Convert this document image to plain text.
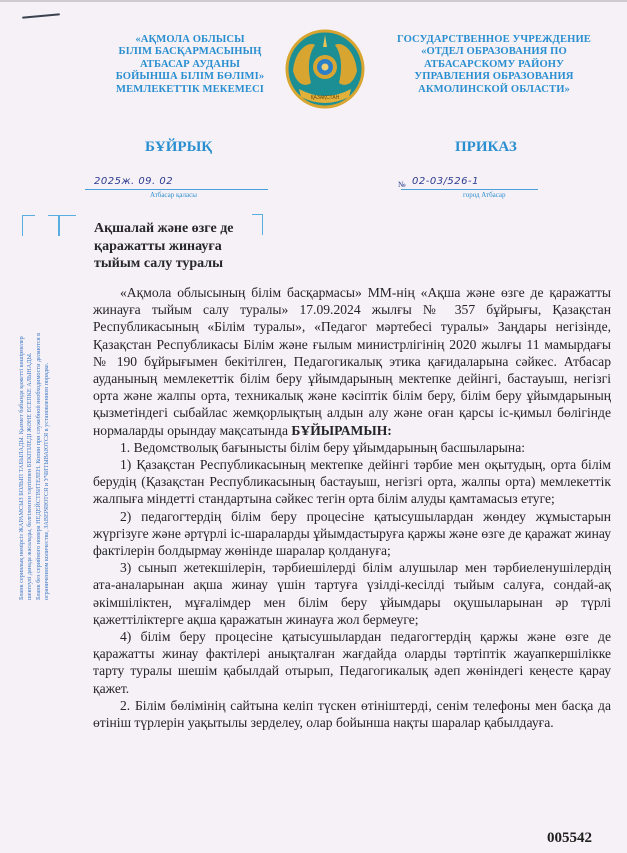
«АҚМОЛА ОБЛЫСЫ
БІЛІМ БАСҚАРМАСЫНЫҢ
АТБАСАР АУДАНЫ
БОЙЫНША БІЛІМ БӨЛІМІ»
МЕМЛЕКЕТТІК МЕКЕМЕСІ
ҚАЗАҚСТАН
ГОСУДАРСТВЕННОЕ УЧРЕЖДЕНИЕ
«ОТДЕЛ ОБРАЗОВАНИЯ ПО
АТБАСАРСКОМУ РАЙОНУ
УПРАВЛЕНИЯ ОБРАЗОВАНИЯ
АКМОЛИНСКОЙ ОБЛАСТИ»
БҰЙРЫҚ	ПРИКАЗ
2025ж. 09. 02
Атбасар қаласы
№ 02-03/526-1
город Атбасар
Ақшалай және өзге де
қаражатты жинауға
тыйым салу туралы
Бланк сериялық нөмірсіз ЖАРАМСЫЗ БОЛЫП ТАБЫЛАДЫ. Қызмет бабында қажетті көшірмелер шектеулі данада жасалады, белгіленген тәртіппен БЕКІТІЛЕДІ ЖӘНЕ ЕСЕПКЕ АЛЫНАДЫ. Бланк без серийного номера НЕДЕЙСТВИТЕЛЕН. Копии при служебной необходимости делаются в ограниченном количестве, ЗАВЕРЯЮТСЯ и УЧИТЫВАЮТСЯ в установленном порядке.

«Ақмола облысының білім басқармасы» ММ-нің «Ақша және өзге де қаражатты жинауға тыйым салу туралы» 17.09.2024 жылғы № 357 бұйрығы, Қазақстан Республикасының «Білім туралы», «Педагог мәртебесі туралы» Заңдары негізінде, Қазақстан Республикасы Білім және ғылым министрлігінің 2020 жылғы 11 мамырдағы № 190 бұйрығымен бекітілген, Педагогикалық этика қағидаларына сәйкес. Атбасар ауданының мемлекеттік білім беру ұйымдарының мектепке дейінгі, бастауыш, негізгі орта және жалпы орта, техникалық және кәсіптік білім беру, білім беру ұйымдарының қызметіндегі сыбайлас жемқорлықтың алдын алу және оған қарсы іс-қимыл бөлігінде нормаларды орындау мақсатында БҰЙЫРАМЫН:

1. Ведомстволық бағынысты білім беру ұйымдарының басшыларына:

1) Қазақстан Республикасының мектепке дейінгі тәрбие мен оқытудың, орта білім берудің (Қазақстан Республикасының бастауыш, негізгі орта, жалпы орта) мемлекеттік жалпыға міндетті стандартына сәйкес тегін орта білім алуды қамтамасыз етуге;

2) педагогтердің білім беру процесіне қатысушылардан жөндеу жұмыстарын жүргізуге және әртүрлі іс-шараларды ұйымдастыруға қаржы және өзге де қаражат жинау фактілерін болдырмау жөнінде шаралар қолдануға;

3) сынып жетекшілерін, тәрбиешілерді білім алушылар мен тәрбиеленушілердің ата-аналарынан ақша жинау үшін тартуға үзілді-кесілді тыйым салуға, сондай-ақ әкімшіліктен, мұғалімдер мен білім беру ұйымдары оқушыларынан әр түрлі қажеттіліктерге ақша қаражатын жинауға жол бермеуге;

4) білім беру процесіне қатысушылардан педагогтердің қаржы және өзге де қаражатты жинау фактілері анықталған жағдайда оларды тәртіптік жауапкершілікке тарту туралы шешім қабылдай отырып, Педагогикалық әдеп жөніндегі кеңесте қарау қажет.

2. Білім бөлімінің сайтына келіп түскен өтініштерді, сенім телефоны мен басқа да өтініш түрлерін уақытылы зерделеу, олар бойынша нақты шаралар қабылдауға.

005542
